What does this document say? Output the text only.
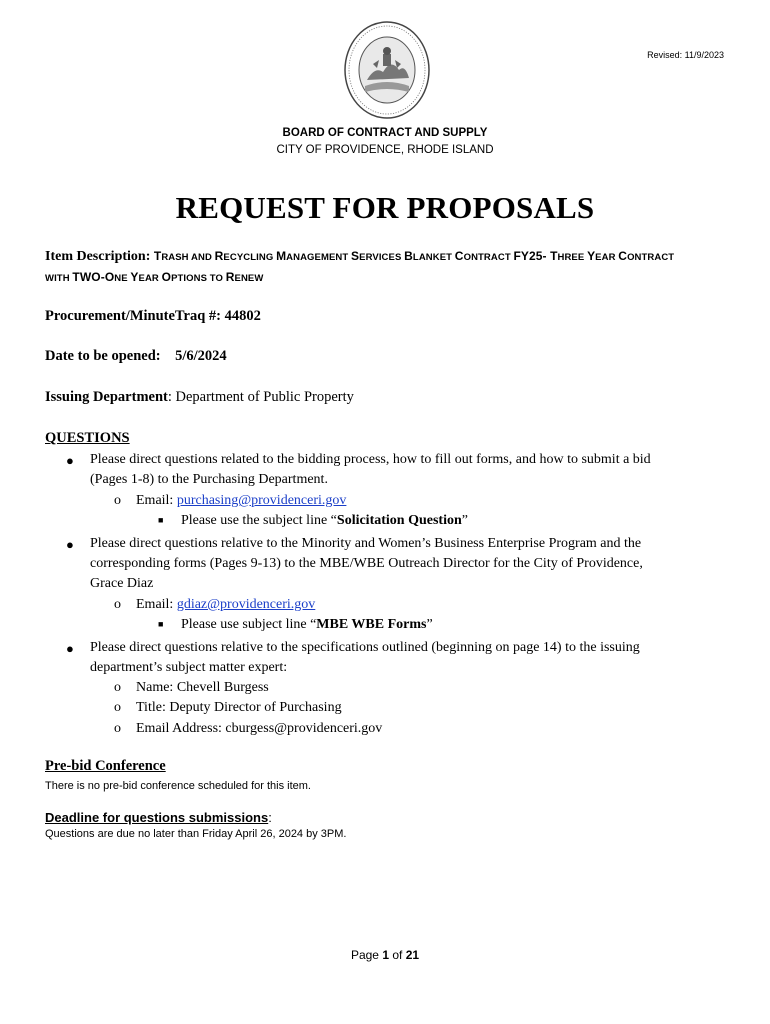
Revised: 11/9/2023
BOARD OF CONTRACT AND SUPPLY
CITY OF PROVIDENCE, RHODE ISLAND
REQUEST FOR PROPOSALS
Item Description: TRASH AND RECYCLING MANAGEMENT SERVICES BLANKET CONTRACT FY25- THREE YEAR CONTRACT
WITH TWO-ONE YEAR OPTIONS TO RENEW
Procurement/MinuteTraq #: 44802
Date to be opened: 5/6/2024
Issuing Department: Department of Public Property
QUESTIONS
● Please direct questions related to the bidding process, how to fill out forms, and how to submit a bid
(Pages 1-8) to the Purchasing Department.
o Email: purchasing@providenceri.gov
■ Please use the subject line “Solicitation Question”
● Please direct questions relative to the Minority and Women’s Business Enterprise Program and the
corresponding forms (Pages 9-13) to the MBE/WBE Outreach Director for the City of Providence,
Grace Diaz
o Email: gdiaz@providenceri.gov
■ Please use subject line “MBE WBE Forms”
● Please direct questions relative to the specifications outlined (beginning on page 14) to the issuing
department’s subject matter expert:
o Name: Chevell Burgess
o Title: Deputy Director of Purchasing
o Email Address: cburgess@providenceri.gov
Pre-bid Conference
There is no pre-bid conference scheduled for this item.
Deadline for questions submissions:
Questions are due no later than Friday April 26, 2024 by 3PM.
Page 1 of 21
